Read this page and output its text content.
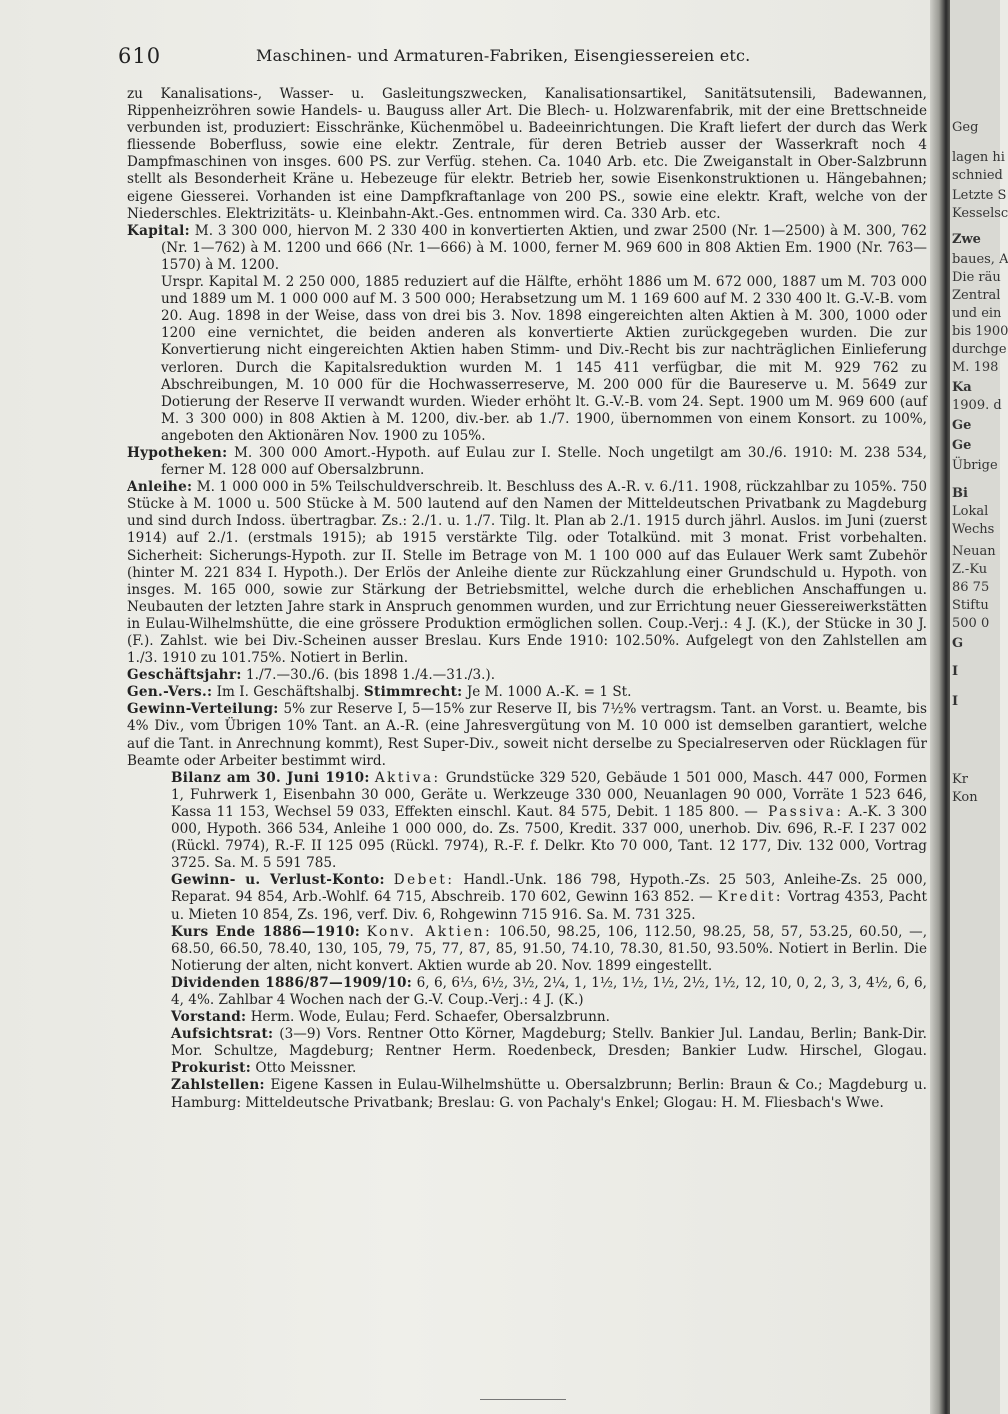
610	Maschinen- und Armaturen-Fabriken, Eisengiessereien etc.

zu Kanalisations-, Wasser- u. Gasleitungszwecken, Kanalisationsartikel, Sanitätsutensili, Badewannen, Rippenheizröhren sowie Handels- u. Bauguss aller Art. Die Blech- u. Holzwarenfabrik, mit der eine Brettschneide verbunden ist, produziert: Eisschränke, Küchenmöbel u. Badeeinrichtungen. Die Kraft liefert der durch das Werk fliessende Boberfluss, sowie eine elektr. Zentrale, für deren Betrieb ausser der Wasserkraft noch 4 Dampfmaschinen von insges. 600 PS. zur Verfüg. stehen. Ca. 1040 Arb. etc. Die Zweiganstalt in Ober-Salzbrunn stellt als Besonderheit Kräne u. Hebezeuge für elektr. Betrieb her, sowie Eisenkonstruktionen u. Hängebahnen; eigene Giesserei. Vorhanden ist eine Dampfkraftanlage von 200 PS., sowie eine elektr. Kraft, welche von der Niederschles. Elektrizitäts- u. Kleinbahn-Akt.-Ges. entnommen wird. Ca. 330 Arb. etc.

Kapital: M. 3 300 000, hiervon M. 2 330 400 in konvertierten Aktien, und zwar 2500 (Nr. 1—2500) à M. 300, 762 (Nr. 1—762) à M. 1200 und 666 (Nr. 1—666) à M. 1000, ferner M. 969 600 in 808 Aktien Em. 1900 (Nr. 763—1570) à M. 1200.

Urspr. Kapital M. 2 250 000, 1885 reduziert auf die Hälfte, erhöht 1886 um M. 672 000, 1887 um M. 703 000 und 1889 um M. 1 000 000 auf M. 3 500 000; Herabsetzung um M. 1 169 600 auf M. 2 330 400 lt. G.-V.-B. vom 20. Aug. 1898 in der Weise, dass von drei bis 3. Nov. 1898 eingereichten alten Aktien à M. 300, 1000 oder 1200 eine vernichtet, die beiden anderen als konvertierte Aktien zurückgegeben wurden. Die zur Konvertierung nicht eingereichten Aktien haben Stimm- und Div.-Recht bis zur nachträglichen Einlieferung verloren. Durch die Kapitalsreduktion wurden M. 1 145 411 verfügbar, die mit M. 929 762 zu Abschreibungen, M. 10 000 für die Hochwasserreserve, M. 200 000 für die Baureserve u. M. 5649 zur Dotierung der Reserve II verwandt wurden. Wieder erhöht lt. G.-V.-B. vom 24. Sept. 1900 um M. 969 600 (auf M. 3 300 000) in 808 Aktien à M. 1200, div.-ber. ab 1./7. 1900, übernommen von einem Konsort. zu 100%, angeboten den Aktionären Nov. 1900 zu 105%.

Hypotheken: M. 300 000 Amort.-Hypoth. auf Eulau zur I. Stelle. Noch ungetilgt am 30./6. 1910: M. 238 534, ferner M. 128 000 auf Obersalzbrunn.

Anleihe: M. 1 000 000 in 5% Teilschuldverschreib. lt. Beschluss des A.-R. v. 6./11. 1908, rückzahlbar zu 105%. 750 Stücke à M. 1000 u. 500 Stücke à M. 500 lautend auf den Namen der Mitteldeutschen Privatbank zu Magdeburg und sind durch Indoss. übertragbar. Zs.: 2./1. u. 1./7. Tilg. lt. Plan ab 2./1. 1915 durch jährl. Auslos. im Juni (zuerst 1914) auf 2./1. (erstmals 1915); ab 1915 verstärkte Tilg. oder Totalkünd. mit 3 monat. Frist vorbehalten. Sicherheit: Sicherungs-Hypoth. zur II. Stelle im Betrage von M. 1 100 000 auf das Eulauer Werk samt Zubehör (hinter M. 221 834 I. Hypoth.). Der Erlös der Anleihe diente zur Rückzahlung einer Grundschuld u. Hypoth. von insges. M. 165 000, sowie zur Stärkung der Betriebsmittel, welche durch die erheblichen Anschaffungen u. Neubauten der letzten Jahre stark in Anspruch genommen wurden, und zur Errichtung neuer Giessereiwerkstätten in Eulau-Wilhelmshütte, die eine grössere Produktion ermöglichen sollen. Coup.-Verj.: 4 J. (K.), der Stücke in 30 J. (F.). Zahlst. wie bei Div.-Scheinen ausser Breslau. Kurs Ende 1910: 102.50%. Aufgelegt von den Zahlstellen am 1./3. 1910 zu 101.75%. Notiert in Berlin.

Geschäftsjahr: 1./7.—30./6. (bis 1898 1./4.—31./3.).

Gen.-Vers.: Im I. Geschäftshalbj. Stimmrecht: Je M. 1000 A.-K. = 1 St.

Gewinn-Verteilung: 5% zur Reserve I, 5—15% zur Reserve II, bis 7½% vertragsm. Tant. an Vorst. u. Beamte, bis 4% Div., vom Übrigen 10% Tant. an A.-R. (eine Jahresvergütung von M. 10 000 ist demselben garantiert, welche auf die Tant. in Anrechnung kommt), Rest Super-Div., soweit nicht derselbe zu Specialreserven oder Rücklagen für Beamte oder Arbeiter bestimmt wird.

Bilanz am 30. Juni 1910: Aktiva: Grundstücke 329 520, Gebäude 1 501 000, Masch. 447 000, Formen 1, Fuhrwerk 1, Eisenbahn 30 000, Geräte u. Werkzeuge 330 000, Neuanlagen 90 000, Vorräte 1 523 646, Kassa 11 153, Wechsel 59 033, Effekten einschl. Kaut. 84 575, Debit. 1 185 800. — Passiva: A.-K. 3 300 000, Hypoth. 366 534, Anleihe 1 000 000, do. Zs. 7500, Kredit. 337 000, unerhob. Div. 696, R.-F. I 237 002 (Rückl. 7974), R.-F. II 125 095 (Rückl. 7974), R.-F. f. Delkr. Kto 70 000, Tant. 12 177, Div. 132 000, Vortrag 3725. Sa. M. 5 591 785.

Gewinn- u. Verlust-Konto: Debet: Handl.-Unk. 186 798, Hypoth.-Zs. 25 503, Anleihe-Zs. 25 000, Reparat. 94 854, Arb.-Wohlf. 64 715, Abschreib. 170 602, Gewinn 163 852. — Kredit: Vortrag 4353, Pacht u. Mieten 10 854, Zs. 196, verf. Div. 6, Rohgewinn 715 916. Sa. M. 731 325.

Kurs Ende 1886—1910: Konv. Aktien: 106.50, 98.25, 106, 112.50, 98.25, 58, 57, 53.25, 60.50, —, 68.50, 66.50, 78.40, 130, 105, 79, 75, 77, 87, 85, 91.50, 74.10, 78.30, 81.50, 93.50%. Notiert in Berlin. Die Notierung der alten, nicht konvert. Aktien wurde ab 20. Nov. 1899 eingestellt.

Dividenden 1886/87—1909/10: 6, 6, 6⅓, 6½, 3½, 2¼, 1, 1½, 1½, 1½, 2½, 1½, 12, 10, 0, 2, 3, 3, 4½, 6, 6, 4, 4%. Zahlbar 4 Wochen nach der G.-V. Coup.-Verj.: 4 J. (K.)

Vorstand: Herm. Wode, Eulau; Ferd. Schaefer, Obersalzbrunn.

Aufsichtsrat: (3—9) Vors. Rentner Otto Körner, Magdeburg; Stellv. Bankier Jul. Landau, Berlin; Bank-Dir. Mor. Schultze, Magdeburg; Rentner Herm. Roedenbeck, Dresden; Bankier Ludw. Hirschel, Glogau. Prokurist: Otto Meissner.

Zahlstellen: Eigene Kassen in Eulau-Wilhelmshütte u. Obersalzbrunn; Berlin: Braun & Co.; Magdeburg u. Hamburg: Mitteldeutsche Privatbank; Breslau: G. von Pachaly's Enkel; Glogau: H. M. Fliesbach's Wwe.

Geg
lagen hi
schnied
Letzte S
Kesselsc
Zwe
baues, A
Die räu
Zentral
und ein
bis 1900
durchge
M. 198
Ka
1909. d
Ge
Ge
Übrige
Bi
Lokal
Wechs
Neuan
Z.-Ku
86 75
Stiftu
500 0
G
I
I
Kr
Kon
